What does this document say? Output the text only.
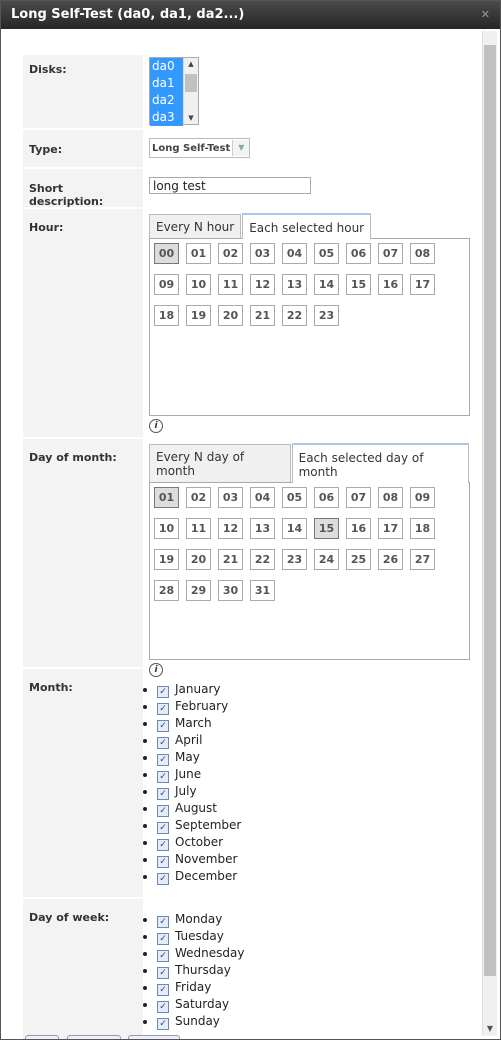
Long Self-Test (da0, da1, da2...)	✕
▼
Disks:	da0
da1
da2
da3
▲
▼
Type:	Long Self-Test ▼
Short description:
long test
Hour:	Every N hour	Each selected hour
00	01	02	03	04	05	06	07	08
09	10	11	12	13	14	15	16	17
18	19	20	21	22	23
i
Day of month:	Every N day of month
Each selected day of month
01	02	03	04	05	06	07	08	09
10	11	12	13	14	15	16	17	18
19	20	21	22	23	24	25	26	27
28	29	30	31
i
Month:	• ✓ January
• ✓ February
• ✓ March
• ✓ April
• ✓ May
• ✓ June
• ✓ July
• ✓ August
• ✓ September
• ✓ October
• ✓ November
• ✓ December
Day of week:	• ✓ Monday
• ✓ Tuesday
• ✓ Wednesday
• ✓ Thursday
• ✓ Friday
• ✓ Saturday
• ✓ Sunday
